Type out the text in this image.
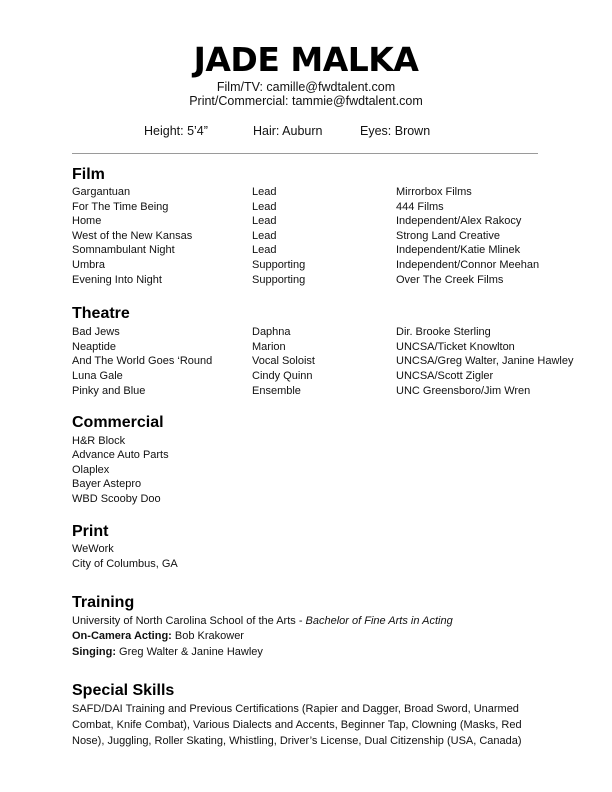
JADE MALKA
Film/TV: camille@fwdtalent.com
Print/Commercial: tammie@fwdtalent.com
Height: 5’4”	Hair: Auburn	Eyes: Brown
Film
Gargantuan	Lead	Mirrorbox Films
For The Time Being	Lead	444 Films
Home	Lead	Independent/Alex Rakocy
West of the New Kansas	Lead	Strong Land Creative
Somnambulant Night	Lead	Independent/Katie Mlinek
Umbra	Supporting	Independent/Connor Meehan
Evening Into Night	Supporting	Over The Creek Films
Theatre
Bad Jews	Daphna	Dir. Brooke Sterling
Neaptide	Marion	UNCSA/Ticket Knowlton
And The World Goes ‘Round	Vocal Soloist	UNCSA/Greg Walter, Janine Hawley
Luna Gale	Cindy Quinn	UNCSA/Scott Zigler
Pinky and Blue	Ensemble	UNC Greensboro/Jim Wren
Commercial
H&R Block
Advance Auto Parts
Olaplex
Bayer Astepro
WBD Scooby Doo
Print
WeWork
City of Columbus, GA
Training
University of North Carolina School of the Arts - Bachelor of Fine Arts in Acting
On-Camera Acting: Bob Krakower
Singing: Greg Walter & Janine Hawley
Special Skills
SAFD/DAI Training and Previous Certifications (Rapier and Dagger, Broad Sword, Unarmed Combat, Knife Combat), Various Dialects and Accents, Beginner Tap, Clowning (Masks, Red Nose), Juggling, Roller Skating, Whistling, Driver’s License, Dual Citizenship (USA, Canada)
